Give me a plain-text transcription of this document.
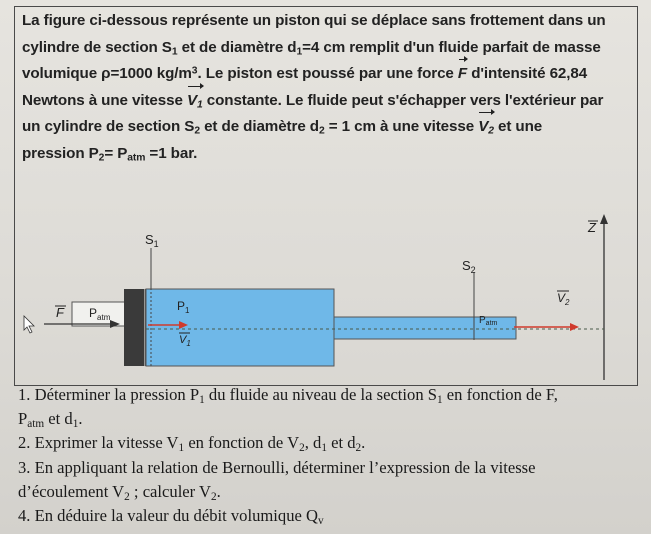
La figure ci-dessous représente un piston qui se déplace sans frottement dans un

cylindre de section $S_1$ et de diamètre $d_1=4$ cm remplit d'un fluide parfait de masse

volumique ρ=1000 $kg/m^3$. Le piston est poussé par une force F d'intensité 62,84

Newtons à une vitesse $V_1$ constante. Le fluide peut s'échapper vers l'extérieur par

un cylindre de section $S_2$ et de diamètre $d_2 = 1$ cm à une vitesse $V_2$ et une

pression $P_2= P_{atm} =1$ bar.

$S_1$
$S_2$
Z
$V_2$
F $P_{atm}$
$P_1$
$V_1$
$P_{atm}$

1. Déterminer la pression $P_1$ du fluide au niveau de la section $S_1$ en fonction de F,

$P_{atm}$ et $d_1$.

2. Exprimer la vitesse $V_1$ en fonction de $V_2$, $d_1$ et $d_2$.

3. En appliquant la relation de Bernoulli, déterminer l’expression de la vitesse

d’écoulement $V_2$ ; calculer $V_2$.

4. En déduire la valeur du débit volumique $Q_v$
